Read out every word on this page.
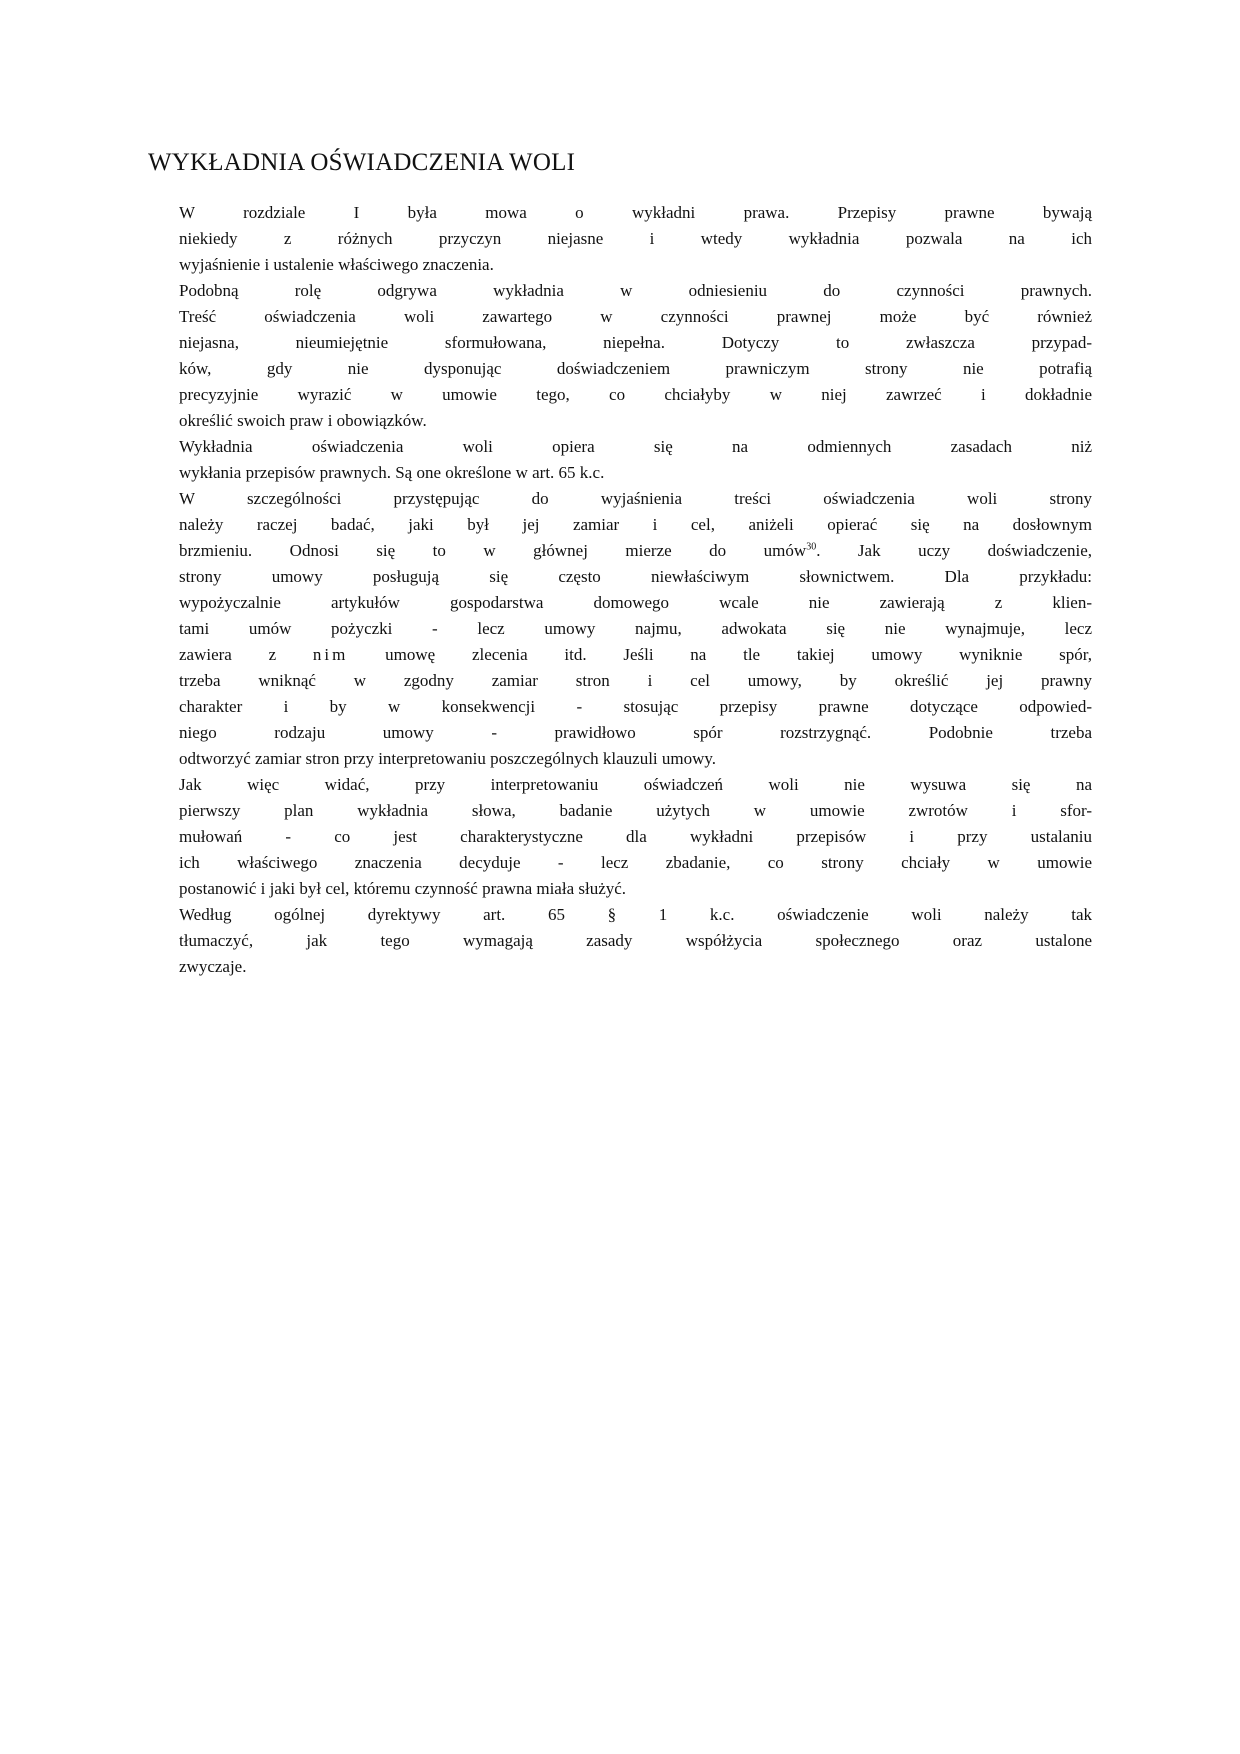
WYKŁADNIA OŚWIADCZENIA WOLI

W rozdziale I była mowa o wykładni prawa. Przepisy prawne bywają
niekiedy z różnych przyczyn niejasne i wtedy wykładnia pozwala na ich
wyjaśnienie i ustalenie właściwego znaczenia.

Podobną rolę odgrywa wykładnia w odniesieniu do czynności prawnych.
Treść oświadczenia woli zawartego w czynności prawnej może być również
niejasna, nieumiejętnie sformułowana, niepełna. Dotyczy to zwłaszcza przypad-
ków, gdy nie dysponując doświadczeniem prawniczym strony nie potrafią
precyzyjnie wyrazić w umowie tego, co chciałyby w niej zawrzeć i dokładnie
określić swoich praw i obowiązków.

Wykładnia oświadczenia woli opiera się na odmiennych zasadach niż
wykłania przepisów prawnych. Są one określone w art. 65 k.c.

W szczególności przystępując do wyjaśnienia treści oświadczenia woli strony
należy raczej badać, jaki był jej zamiar i cel, aniżeli opierać się na dosłownym
brzmieniu. Odnosi się to w głównej mierze do umów$^{30}$. Jak uczy doświadczenie,
strony umowy posługują się często niewłaściwym słownictwem. Dla przykładu:
wypożyczalnie artykułów gospodarstwa domowego wcale nie zawierają z klien-
tami umów pożyczki - lecz umowy najmu, adwokata się nie wynajmuje, lecz
zawiera z nim umowę zlecenia itd. Jeśli na tle takiej umowy wyniknie spór,
trzeba wniknąć w zgodny zamiar stron i cel umowy, by określić jej prawny
charakter i by w konsekwencji - stosując przepisy prawne dotyczące odpowied-
niego rodzaju umowy - prawidłowo spór rozstrzygnąć. Podobnie trzeba
odtworzyć zamiar stron przy interpretowaniu poszczególnych klauzuli umowy.

Jak więc widać, przy interpretowaniu oświadczeń woli nie wysuwa się na
pierwszy plan wykładnia słowa, badanie użytych w umowie zwrotów i sfor-
mułowań - co jest charakterystyczne dla wykładni przepisów i przy ustalaniu
ich właściwego znaczenia decyduje - lecz zbadanie, co strony chciały w umowie
postanowić i jaki był cel, któremu czynność prawna miała służyć.

Według ogólnej dyrektywy art. 65 § 1 k.c. oświadczenie woli należy tak
tłumaczyć, jak tego wymagają zasady współżycia społecznego oraz ustalone
zwyczaje.
